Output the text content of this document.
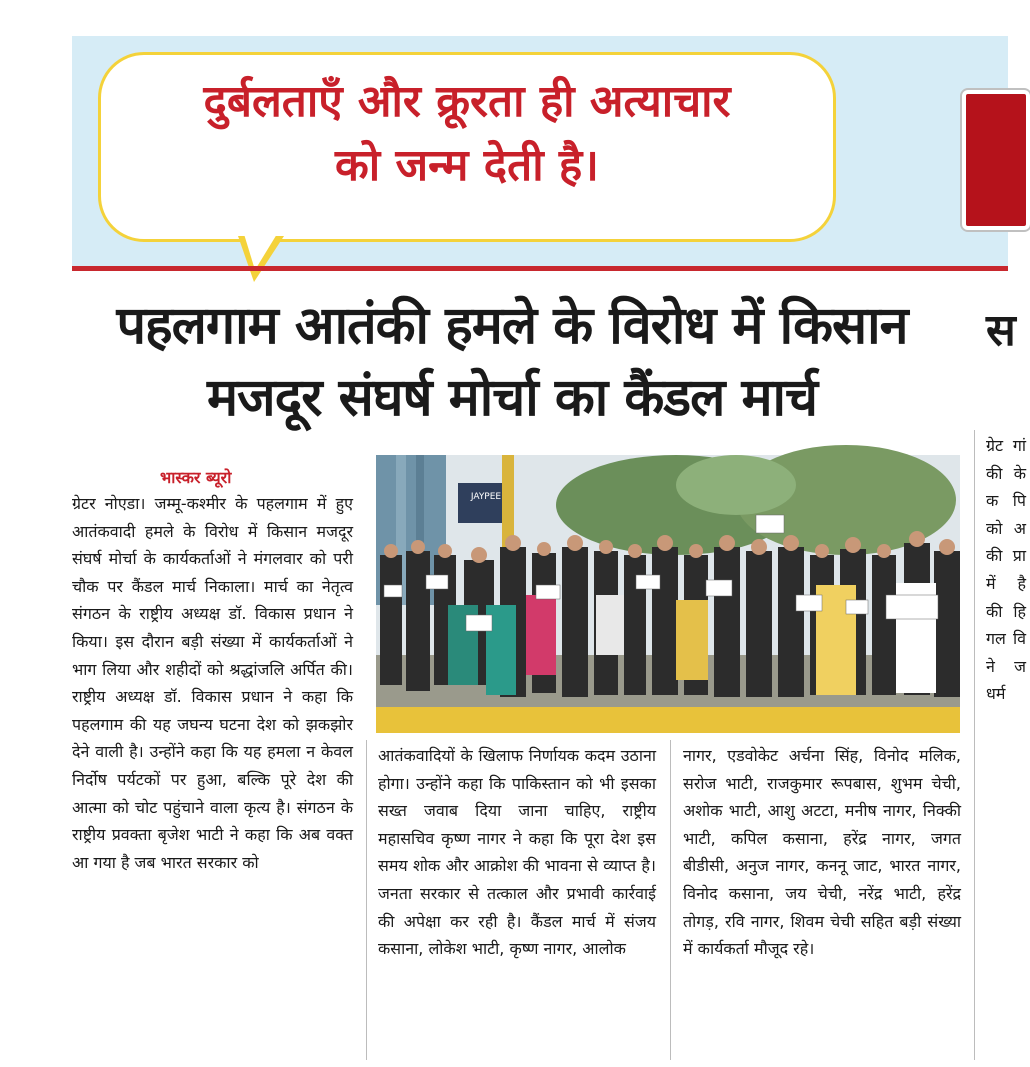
दुर्बलताएँ और क्रूरता ही अत्याचार
को जन्म देती है।
पहलगाम आतंकी हमले के विरोध में किसान
मजदूर संघर्ष मोर्चा का कैंडल मार्च
स
भास्कर ब्यूरो
ग्रेटर नोएडा। जम्मू-कश्मीर के पहलगाम में हुए आतंकवादी हमले के विरोध में किसान मजदूर संघर्ष मोर्चा के कार्यकर्ताओं ने मंगलवार को परी चौक पर कैंडल मार्च निकाला। मार्च का नेतृत्व संगठन के राष्ट्रीय अध्यक्ष डॉ. विकास प्रधान ने किया। इस दौरान बड़ी संख्या में कार्यकर्ताओं ने भाग लिया और शहीदों को श्रद्धांजलि अर्पित की। राष्ट्रीय अध्यक्ष डॉ. विकास प्रधान ने कहा कि पहलगाम की यह जघन्य घटना देश को झकझोर देने वाली है। उन्होंने कहा कि यह हमला न केवल निर्दोष पर्यटकों पर हुआ, बल्कि पूरे देश की आत्मा को चोट पहुंचाने वाला कृत्य है। संगठन के राष्ट्रीय प्रवक्ता बृजेश भाटी ने कहा कि अब वक्त आ गया है जब भारत सरकार को
JAYPEE
आतंकवादियों के खिलाफ निर्णायक कदम उठाना होगा। उन्होंने कहा कि पाकिस्तान को भी इसका सख्त जवाब दिया जाना चाहिए, राष्ट्रीय महासचिव कृष्ण नागर ने कहा कि पूरा देश इस समय शोक और आक्रोश की भावना से व्याप्त है। जनता सरकार से तत्काल और प्रभावी कार्रवाई की अपेक्षा कर रही है। कैंडल मार्च में संजय कसाना, लोकेश भाटी, कृष्ण नागर, आलोक
नागर, एडवोकेट अर्चना सिंह, विनोद मलिक, सरोज भाटी, राजकुमार रूपबास, शुभम चेची, अशोक भाटी, आशु अटटा, मनीष नागर, निक्की भाटी, कपिल कसाना, हरेंद्र नागर, जगत बीडीसी, अनुज नागर, कननू जाट, भारत नागर, विनोद कसाना, जय चेची, नरेंद्र भाटी, हरेंद्र तोगड़, रवि नागर, शिवम चेची सहित बड़ी संख्या में कार्यकर्ता मौजूद रहे।
ग्रेट गां की के क पि को अ की प्रा में है की हि गल वि ने ज धर्म
